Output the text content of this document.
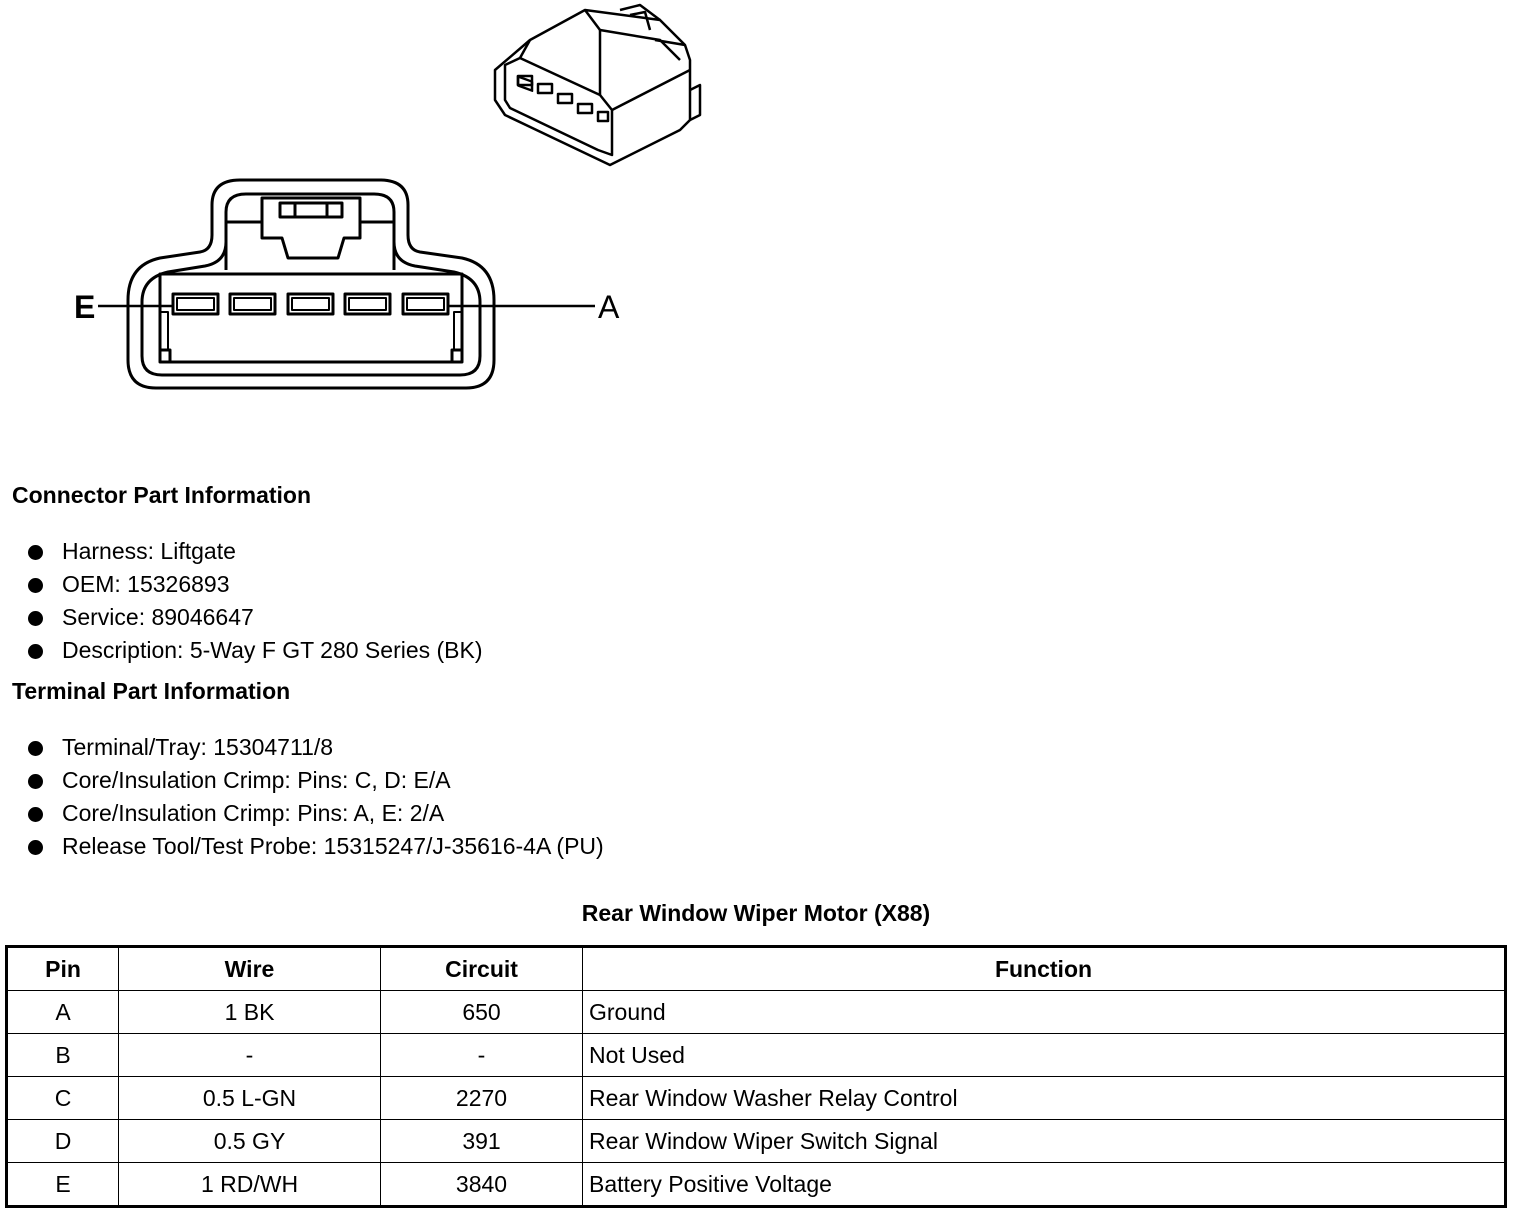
E	A
Connector Part Information
Harness: Liftgate
OEM: 15326893
Service: 89046647
Description: 5-Way F GT 280 Series (BK)
Terminal Part Information
Terminal/Tray: 15304711/8
Core/Insulation Crimp: Pins: C, D: E/A
Core/Insulation Crimp: Pins: A, E: 2/A
Release Tool/Test Probe: 15315247/J-35616-4A (PU)
Rear Window Wiper Motor (X88)
Pin	Wire	Circuit	Function
A	1 BK	650	Ground
B	-	-	Not Used
C	0.5 L-GN	2270	Rear Window Washer Relay Control
D	0.5 GY	391	Rear Window Wiper Switch Signal
E	1 RD/WH	3840	Battery Positive Voltage
